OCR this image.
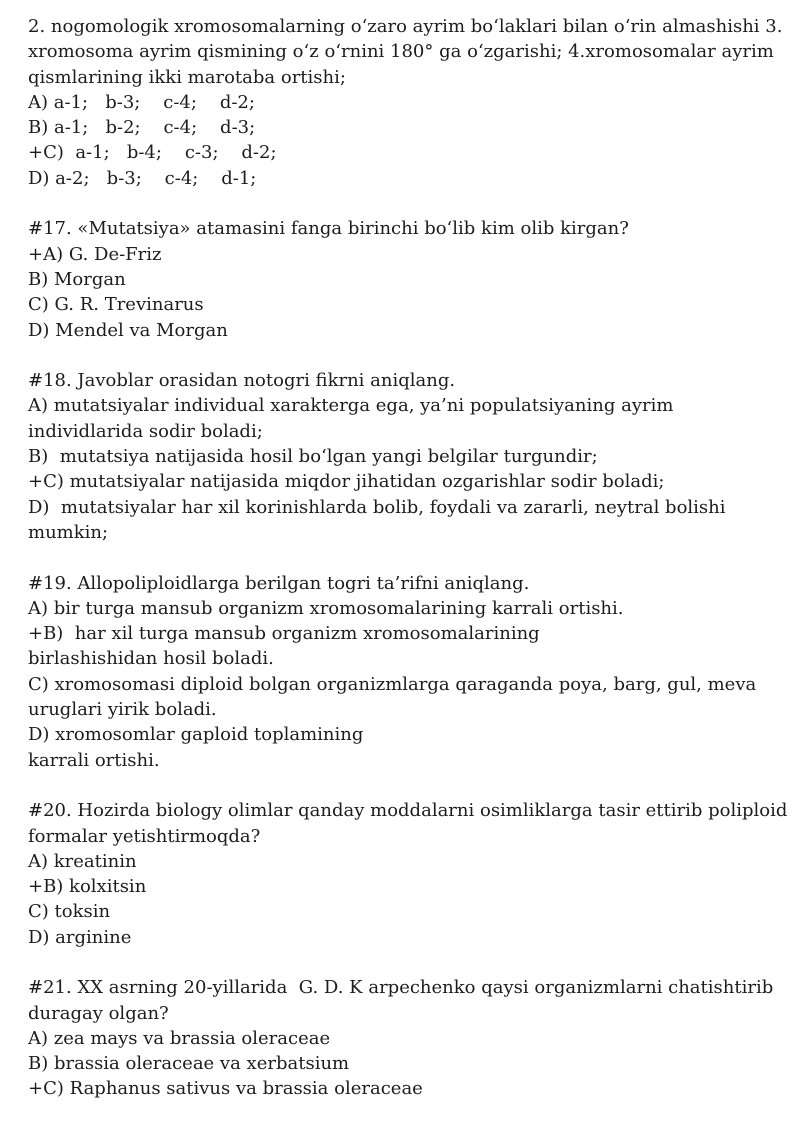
2. nogomologik xromosomalarning o‘zaro ayrim bo‘laklari bilan o‘rin almashishi 3.

xromosoma ayrim qismining o‘z o‘rnini 180° ga o‘zgarishi; 4.xromosomalar ayrim

qismlarining ikki marotaba ortishi;

A) a-1;   b-3;    c-4;    d-2;

B) a-1;   b-2;    c-4;    d-3;

+C)  a-1;   b-4;    c-3;    d-2;

D) a-2;   b-3;    c-4;    d-1;

#17. «Mutatsiya» atamasini fanga birinchi bo‘lib kim olib kirgan?

+A) G. De-Friz

B) Morgan

C) G. R. Trevinarus

D) Mendel va Morgan

#18. Javoblar orasidan notogri fikrni aniqlang.

A) mutatsiyalar individual xarakterga ega, ya’ni populatsiyaning ayrim

individlarida sodir boladi;

B)  mutatsiya natijasida hosil bo‘lgan yangi belgilar turgundir;

+C) mutatsiyalar natijasida miqdor jihatidan ozgarishlar sodir boladi;

D)  mutatsiyalar har xil korinishlarda bolib, foydali va zararli, neytral bolishi

mumkin;

#19. Allopoliploidlarga berilgan togri ta’rifni aniqlang.

A) bir turga mansub organizm xromosomalarining karrali ortishi.

+B)  har xil turga mansub organizm xromosomalarining

birlashishidan hosil boladi.

C) xromosomasi diploid bolgan organizmlarga qaraganda poya, barg, gul, meva

uruglari yirik boladi.

D) xromosomlar gaploid toplamining

karrali ortishi.

#20. Hozirda biology olimlar qanday moddalarni osimliklarga tasir ettirib poliploid

formalar yetishtirmoqda?

A) kreatinin

+B) kolxitsin

C) toksin

D) arginine

#21. XX asrning 20-yillarida  G. D. K arpechenko qaysi organizmlarni chatishtirib

duragay olgan?

A) zea mays va brassia oleraceae

B) brassia oleraceae va xerbatsium

+C) Raphanus sativus va brassia oleraceae
